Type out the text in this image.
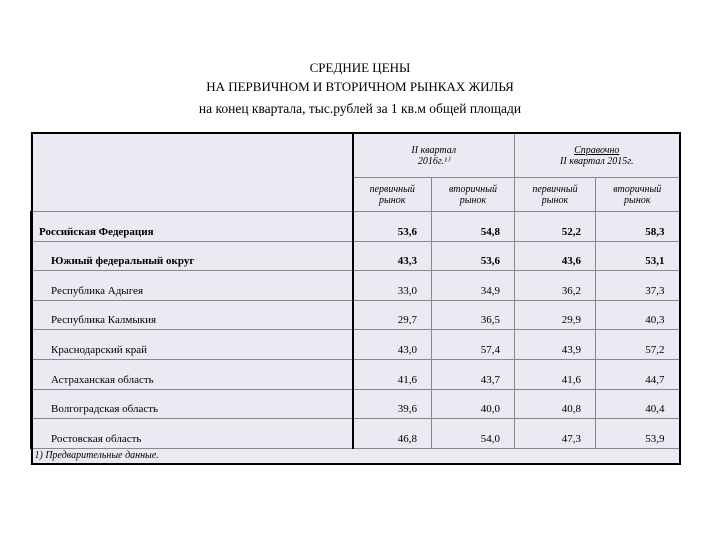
СРЕДНИЕ ЦЕНЫ
НА ПЕРВИЧНОМ И ВТОРИЧНОМ РЫНКАХ ЖИЛЬЯ
на конец квартала, тыс.рублей за 1 кв.м общей площади
	II квартал
2016г.¹⁾		Справочно
II квартал 2015г.	
	первичный рынок	вторичный рынок	первичный рынок	вторичный рынок
Российская Федерация	53,6	54,8	52,2	58,3
Южный федеральный округ	43,3	53,6	43,6	53,1
Республика Адыгея	33,0	34,9	36,2	37,3
Республика Калмыкия	29,7	36,5	29,9	40,3
Краснодарский край	43,0	57,4	43,9	57,2
Астраханская область	41,6	43,7	41,6	44,7
Волгоградская область	39,6	40,0	40,8	40,4
Ростовская область	46,8	54,0	47,3	53,9
1) Предварительные данные.				
